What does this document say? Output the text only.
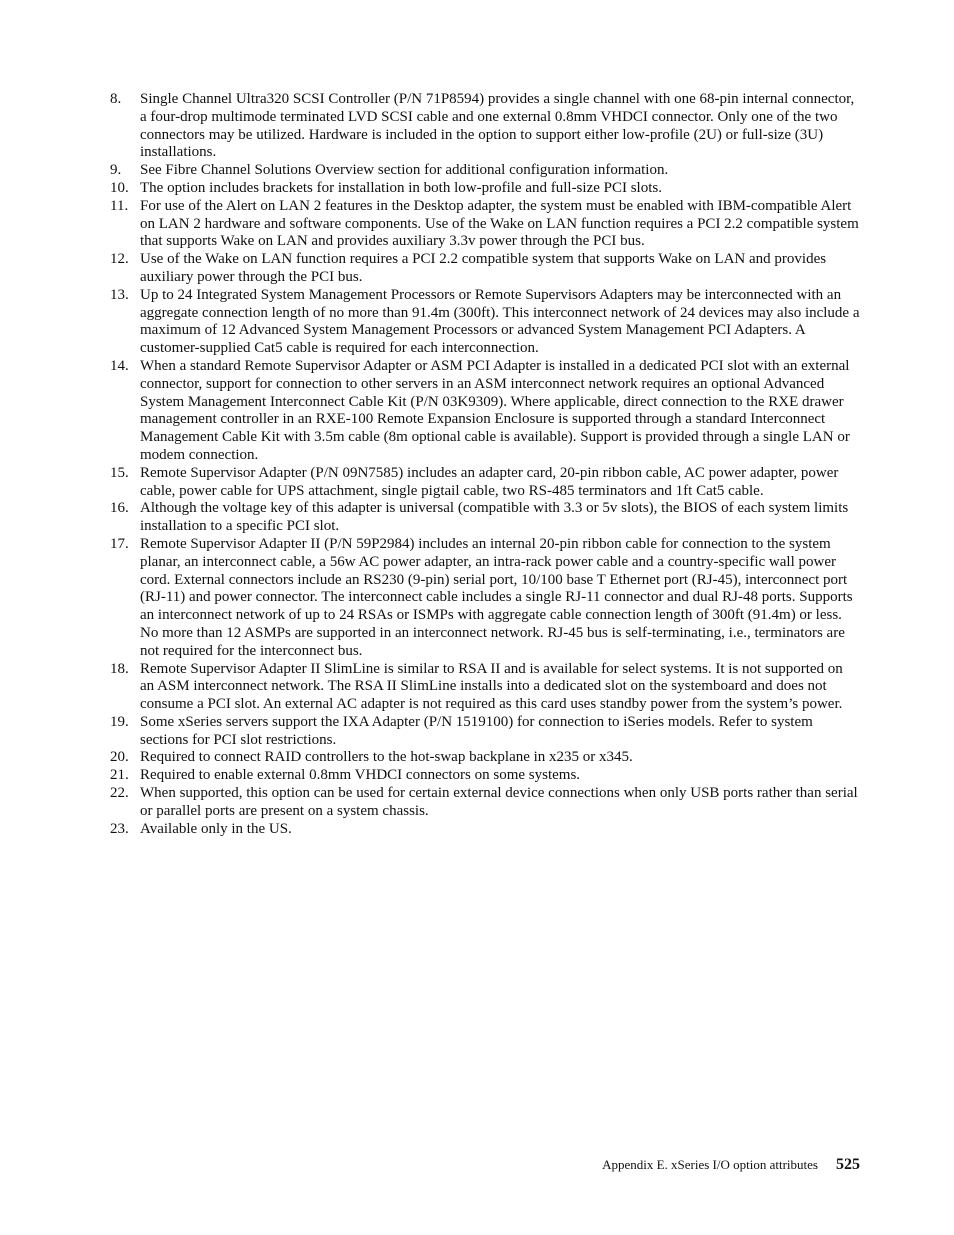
8.	Single Channel Ultra320 SCSI Controller (P/N 71P8594) provides a single channel with one 68-pin internal connector, a four-drop multimode terminated LVD SCSI cable and one external 0.8mm VHDCI connector. Only one of the two connectors may be utilized. Hardware is included in the option to support either low-profile (2U) or full-size (3U) installations.
9.	See Fibre Channel Solutions Overview section for additional configuration information.
10. The option includes brackets for installation in both low-profile and full-size PCI slots.
11. For use of the Alert on LAN 2 features in the Desktop adapter, the system must be enabled with IBM-compatible Alert on LAN 2 hardware and software components. Use of the Wake on LAN function requires a PCI 2.2 compatible system that supports Wake on LAN and provides auxiliary 3.3v power through the PCI bus.
12. Use of the Wake on LAN function requires a PCI 2.2 compatible system that supports Wake on LAN and provides auxiliary power through the PCI bus.
13. Up to 24 Integrated System Management Processors or Remote Supervisors Adapters may be interconnected with an aggregate connection length of no more than 91.4m (300ft). This interconnect network of 24 devices may also include a maximum of 12 Advanced System Management Processors or advanced System Management PCI Adapters. A customer-supplied Cat5 cable is required for each interconnection.
14. When a standard Remote Supervisor Adapter or ASM PCI Adapter is installed in a dedicated PCI slot with an external connector, support for connection to other servers in an ASM interconnect network requires an optional Advanced System Management Interconnect Cable Kit (P/N 03K9309). Where applicable, direct connection to the RXE drawer management controller in an RXE-100 Remote Expansion Enclosure is supported through a standard Interconnect Management Cable Kit with 3.5m cable (8m optional cable is available). Support is provided through a single LAN or modem connection.
15. Remote Supervisor Adapter (P/N 09N7585) includes an adapter card, 20-pin ribbon cable, AC power adapter, power cable, power cable for UPS attachment, single pigtail cable, two RS-485 terminators and 1ft Cat5 cable.
16. Although the voltage key of this adapter is universal (compatible with 3.3 or 5v slots), the BIOS of each system limits installation to a specific PCI slot.
17. Remote Supervisor Adapter II (P/N 59P2984) includes an internal 20-pin ribbon cable for connection to the system planar, an interconnect cable, a 56w AC power adapter, an intra-rack power cable and a country-specific wall power cord. External connectors include an RS230 (9-pin) serial port, 10/100 base T Ethernet port (RJ-45), interconnect port (RJ-11) and power connector. The interconnect cable includes a single RJ-11 connector and dual RJ-48 ports. Supports an interconnect network of up to 24 RSAs or ISMPs with aggregate cable connection length of 300ft (91.4m) or less. No more than 12 ASMPs are supported in an interconnect network. RJ-45 bus is self-terminating, i.e., terminators are not required for the interconnect bus.
18. Remote Supervisor Adapter II SlimLine is similar to RSA II and is available for select systems. It is not supported on an ASM interconnect network. The RSA II SlimLine installs into a dedicated slot on the systemboard and does not consume a PCI slot. An external AC adapter is not required as this card uses standby power from the system’s power.
19. Some xSeries servers support the IXA Adapter (P/N 1519100) for connection to iSeries models. Refer to system sections for PCI slot restrictions.
20. Required to connect RAID controllers to the hot-swap backplane in x235 or x345.
21. Required to enable external 0.8mm VHDCI connectors on some systems.
22. When supported, this option can be used for certain external device connections when only USB ports rather than serial or parallel ports are present on a system chassis.
23. Available only in the US.
Appendix E. xSeries I/O option attributes 525
